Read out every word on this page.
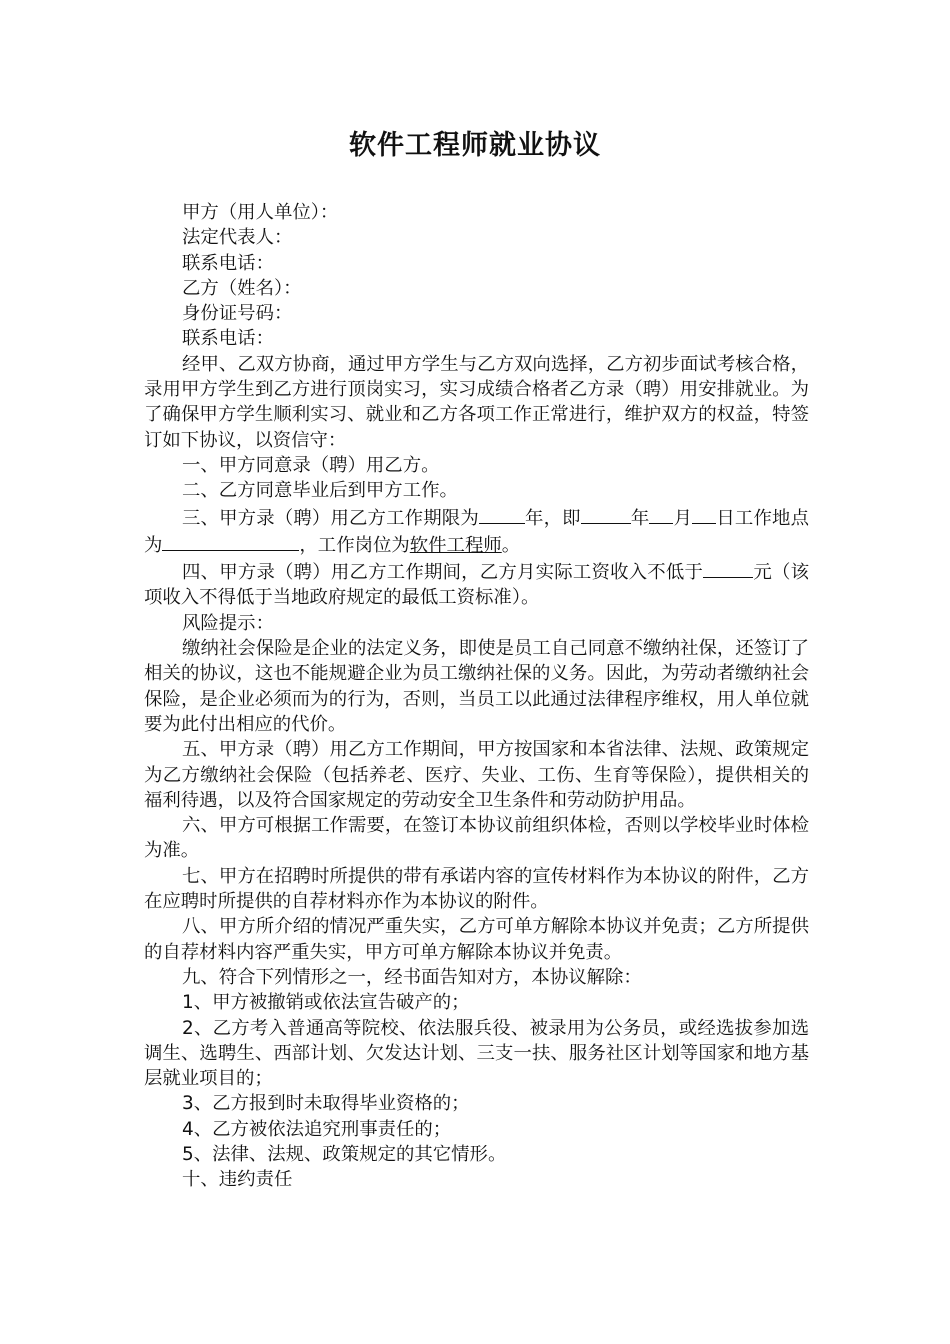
软件工程师就业协议

甲方（用人单位）：

法定代表人：

联系电话：

乙方（姓名）：

身份证号码：

联系电话：

经甲、乙双方协商，通过甲方学生与乙方双向选择，乙方初步面试考核合格，录用甲方学生到乙方进行顶岗实习，实习成绩合格者乙方录（聘）用安排就业。为了确保甲方学生顺利实习、就业和乙方各项工作正常进行，维护双方的权益，特签订如下协议，以资信守：

一、甲方同意录（聘）用乙方。

二、乙方同意毕业后到甲方工作。

三、甲方录（聘）用乙方工作期限为	年，即	年 月 日工作地点为	，工作岗位为软件工程师。

四、甲方录（聘）用乙方工作期间，乙方月实际工资收入不低于	元（该项收入不得低于当地政府规定的最低工资标准）。

风险提示：

缴纳社会保险是企业的法定义务，即使是员工自己同意不缴纳社保，还签订了相关的协议，这也不能规避企业为员工缴纳社保的义务。因此，为劳动者缴纳社会保险，是企业必须而为的行为，否则，当员工以此通过法律程序维权，用人单位就要为此付出相应的代价。

五、甲方录（聘）用乙方工作期间，甲方按国家和本省法律、法规、政策规定为乙方缴纳社会保险（包括养老、医疗、失业、工伤、生育等保险），提供相关的福利待遇，以及符合国家规定的劳动安全卫生条件和劳动防护用品。

六、甲方可根据工作需要，在签订本协议前组织体检，否则以学校毕业时体检为准。

七、甲方在招聘时所提供的带有承诺内容的宣传材料作为本协议的附件，乙方在应聘时所提供的自荐材料亦作为本协议的附件。

八、甲方所介绍的情况严重失实，乙方可单方解除本协议并免责；乙方所提供的自荐材料内容严重失实，甲方可单方解除本协议并免责。

九、符合下列情形之一，经书面告知对方，本协议解除：

1、甲方被撤销或依法宣告破产的；

2、乙方考入普通高等院校、依法服兵役、被录用为公务员，或经选拔参加选调生、选聘生、西部计划、欠发达计划、三支一扶、服务社区计划等国家和地方基层就业项目的；

3、乙方报到时未取得毕业资格的；

4、乙方被依法追究刑事责任的；

5、法律、法规、政策规定的其它情形。

十、违约责任
